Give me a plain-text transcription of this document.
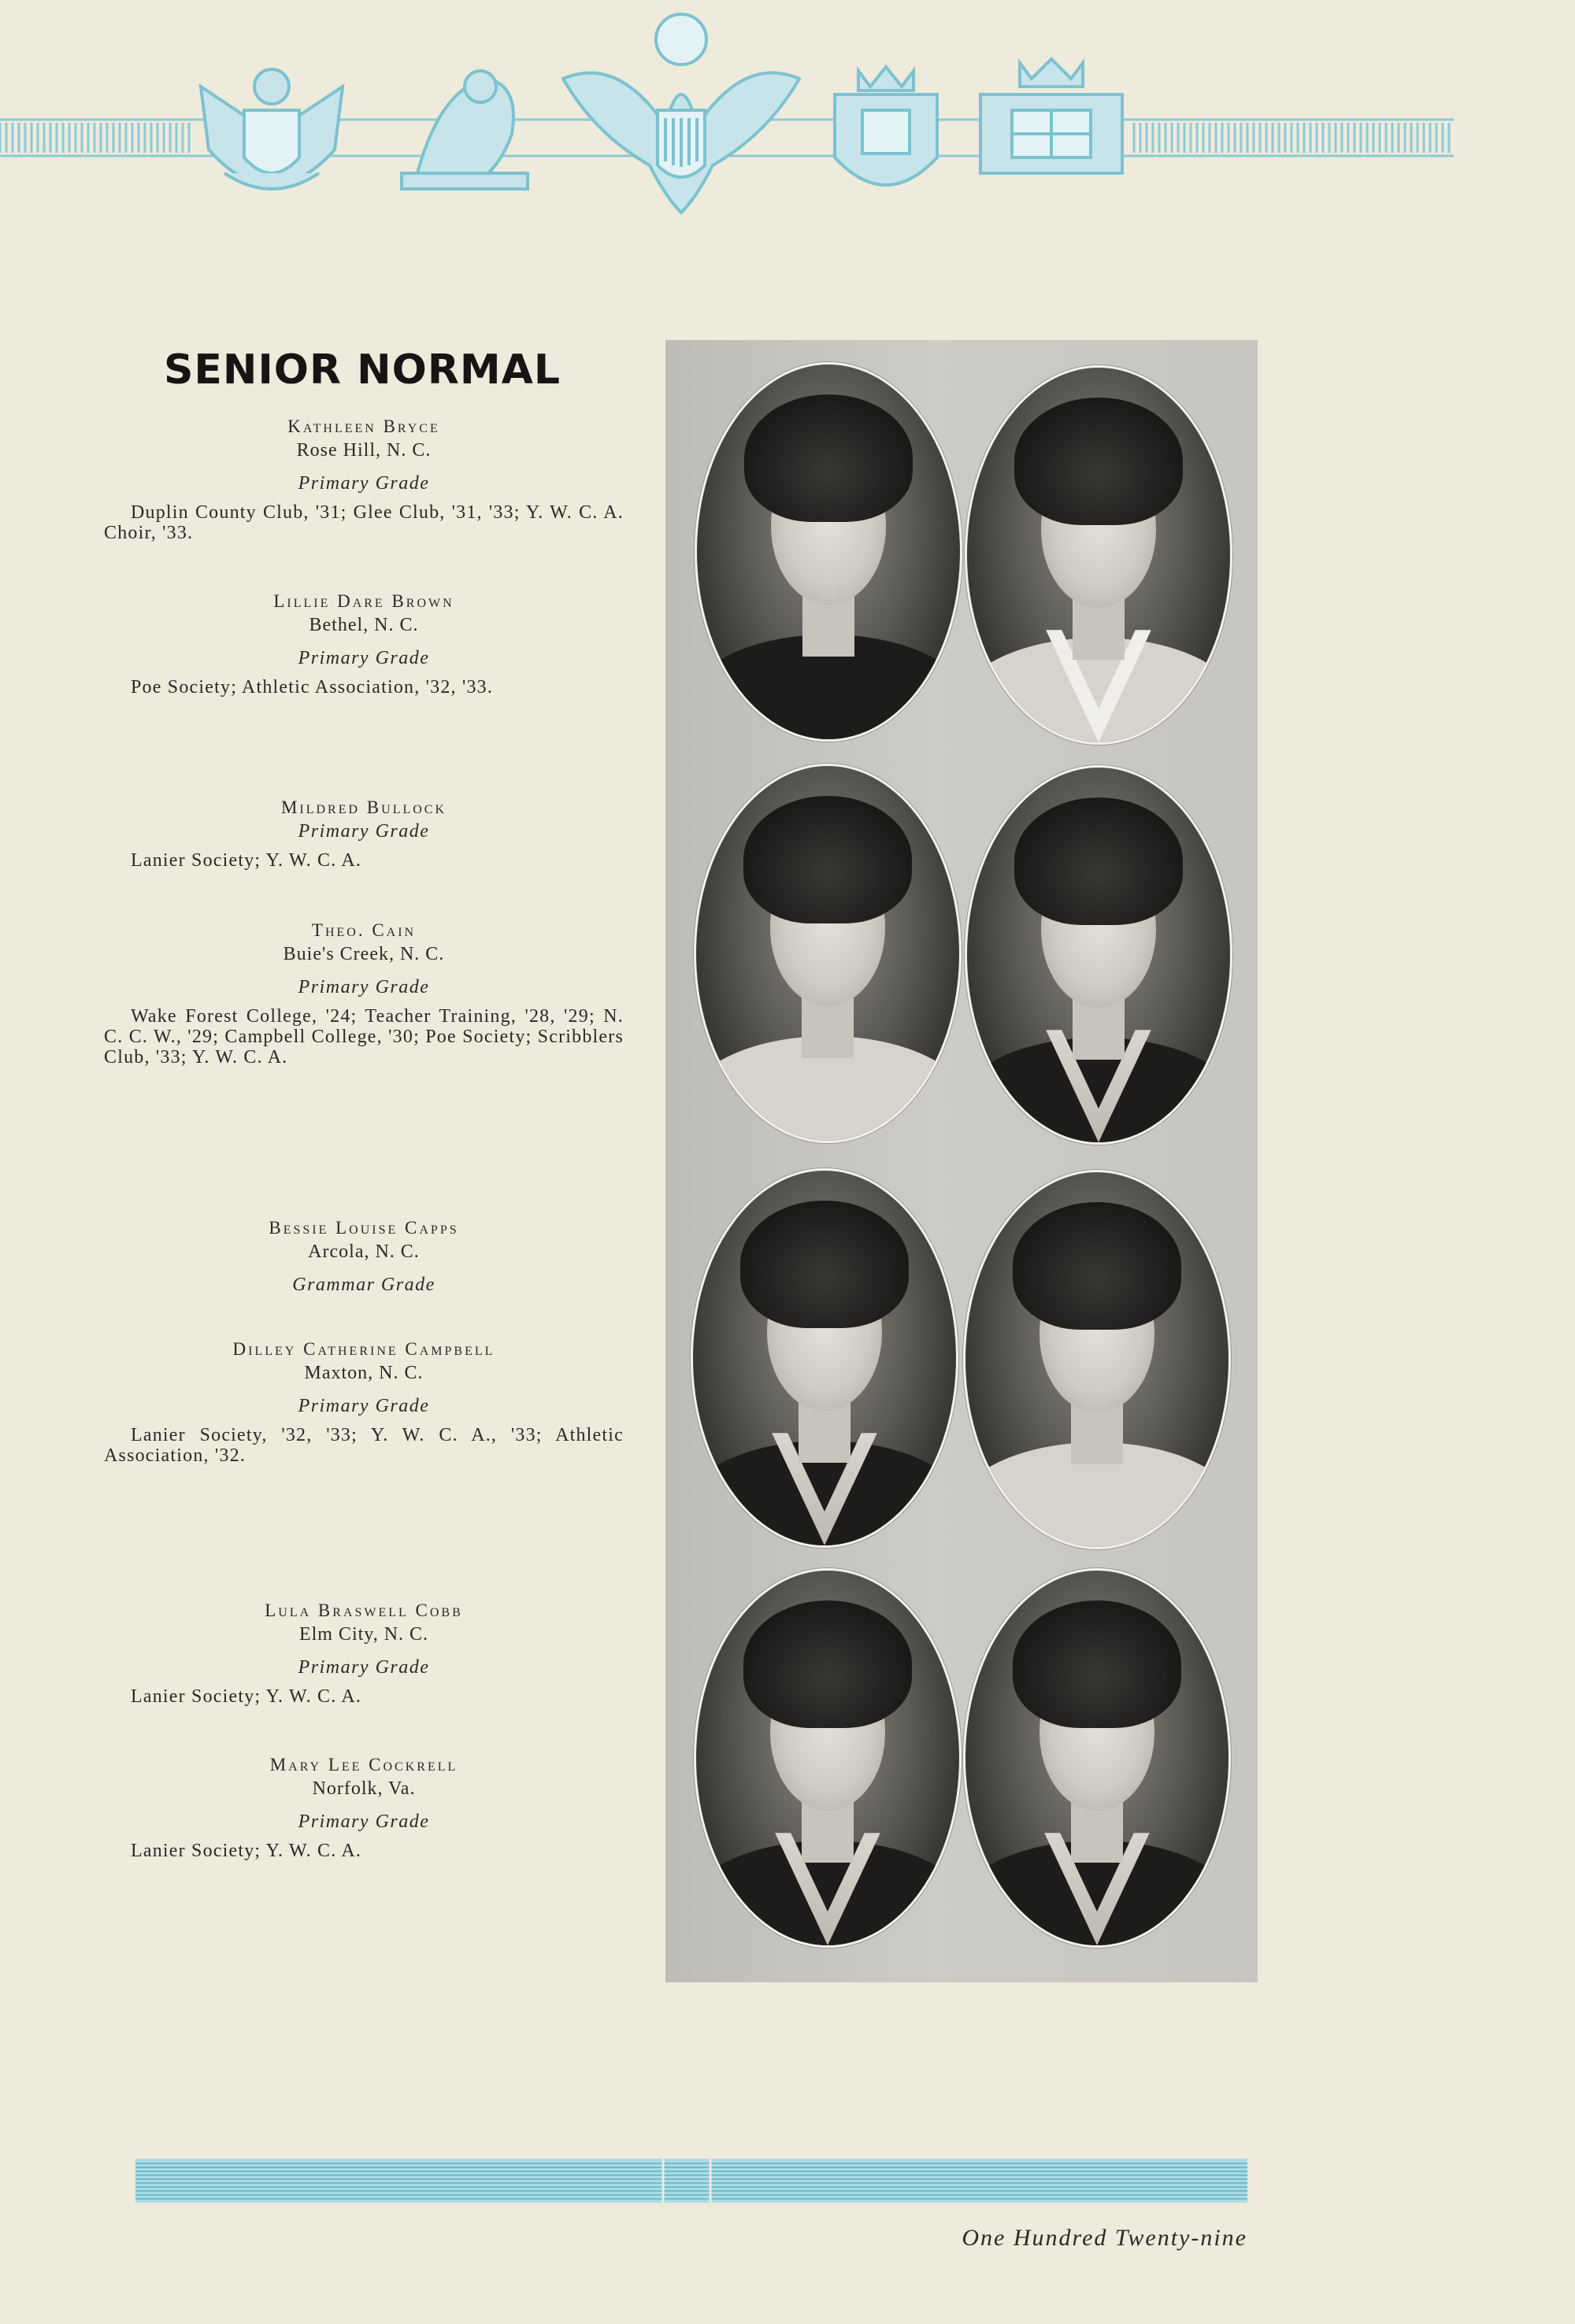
SENIOR NORMAL

Kathleen Bryce

Rose Hill, N. C.

Primary Grade

Duplin County Club, '31; Glee Club, '31, '33; Y. W. C. A. Choir, '33.

Lillie Dare Brown

Bethel, N. C.

Primary Grade

Poe Society; Athletic Association, '32, '33.

Mildred Bullock

Primary Grade

Lanier Society; Y. W. C. A.

Theo. Cain

Buie's Creek, N. C.

Primary Grade

Wake Forest College, '24; Teacher Training, '28, '29; N. C. C. W., '29; Campbell College, '30; Poe Society; Scribblers Club, '33; Y. W. C. A.

Bessie Louise Capps

Arcola, N. C.

Grammar Grade

Dilley Catherine Campbell

Maxton, N. C.

Primary Grade

Lanier Society, '32, '33; Y. W. C. A., '33; Athletic Association, '32.

Lula Braswell Cobb

Elm City, N. C.

Primary Grade

Lanier Society; Y. W. C. A.

Mary Lee Cockrell

Norfolk, Va.

Primary Grade

Lanier Society; Y. W. C. A.

One Hundred Twenty-nine
